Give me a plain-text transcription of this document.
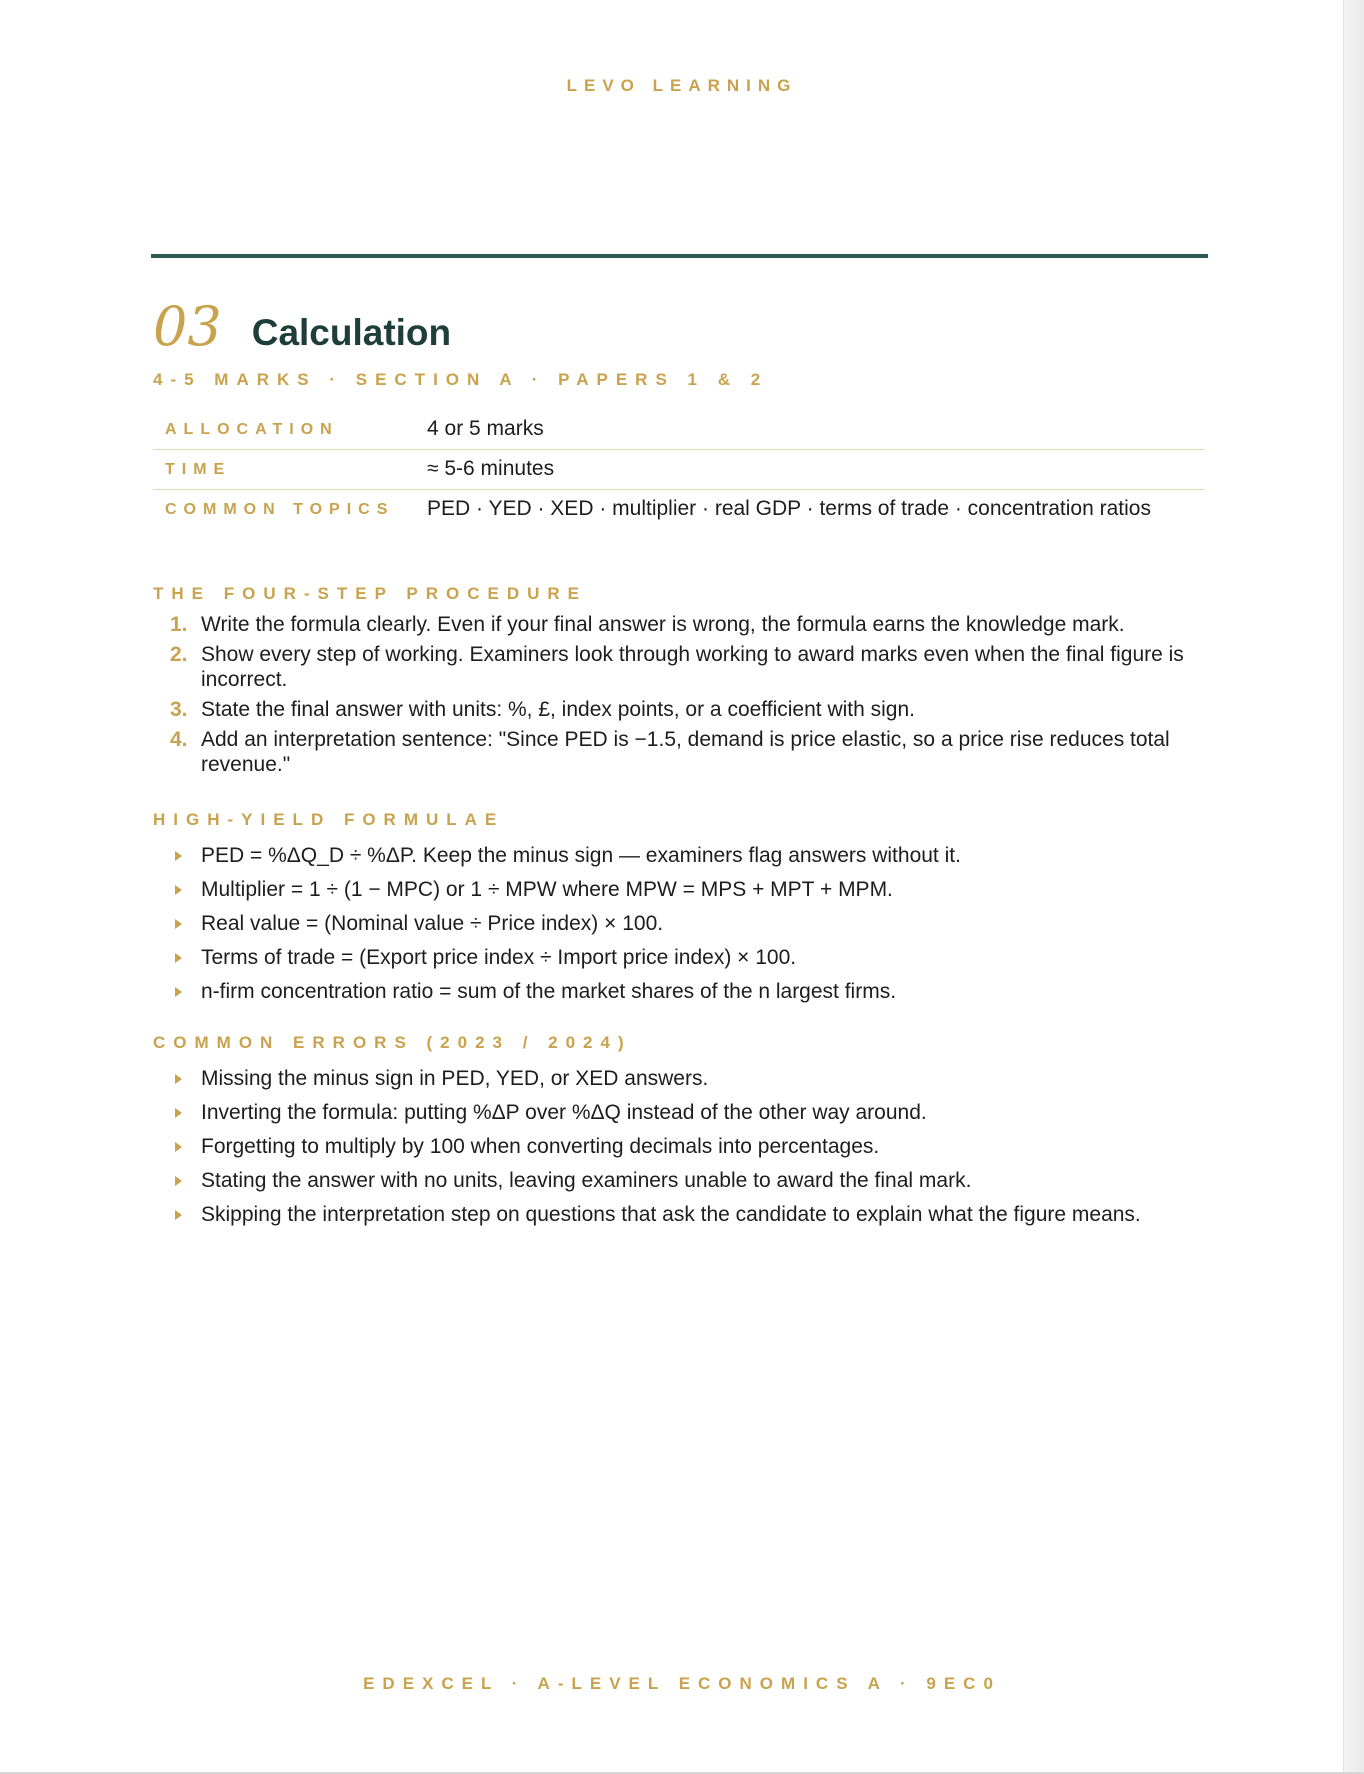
LEVO LEARNING
03 Calculation
4-5 MARKS · SECTION A · PAPERS 1 & 2
ALLOCATION	4 or 5 marks
TIME	≈ 5-6 minutes
COMMON TOPICS	PED · YED · XED · multiplier · real GDP · terms of trade · concentration ratios
THE FOUR-STEP PROCEDURE
1. Write the formula clearly. Even if your final answer is wrong, the formula earns the knowledge mark.
2. Show every step of working. Examiners look through working to award marks even when the final figure is incorrect.
3. State the final answer with units: %, £, index points, or a coefficient with sign.
4. Add an interpretation sentence: "Since PED is −1.5, demand is price elastic, so a price rise reduces total revenue."
HIGH-YIELD FORMULAE
PED = %ΔQ_D ÷ %ΔP. Keep the minus sign — examiners flag answers without it.
Multiplier = 1 ÷ (1 − MPC) or 1 ÷ MPW where MPW = MPS + MPT + MPM.
Real value = (Nominal value ÷ Price index) × 100.
Terms of trade = (Export price index ÷ Import price index) × 100.
n-firm concentration ratio = sum of the market shares of the n largest firms.
COMMON ERRORS (2023 / 2024)
Missing the minus sign in PED, YED, or XED answers.
Inverting the formula: putting %ΔP over %ΔQ instead of the other way around.
Forgetting to multiply by 100 when converting decimals into percentages.
Stating the answer with no units, leaving examiners unable to award the final mark.
Skipping the interpretation step on questions that ask the candidate to explain what the figure means.
EDEXCEL · A-LEVEL ECONOMICS A · 9EC0
